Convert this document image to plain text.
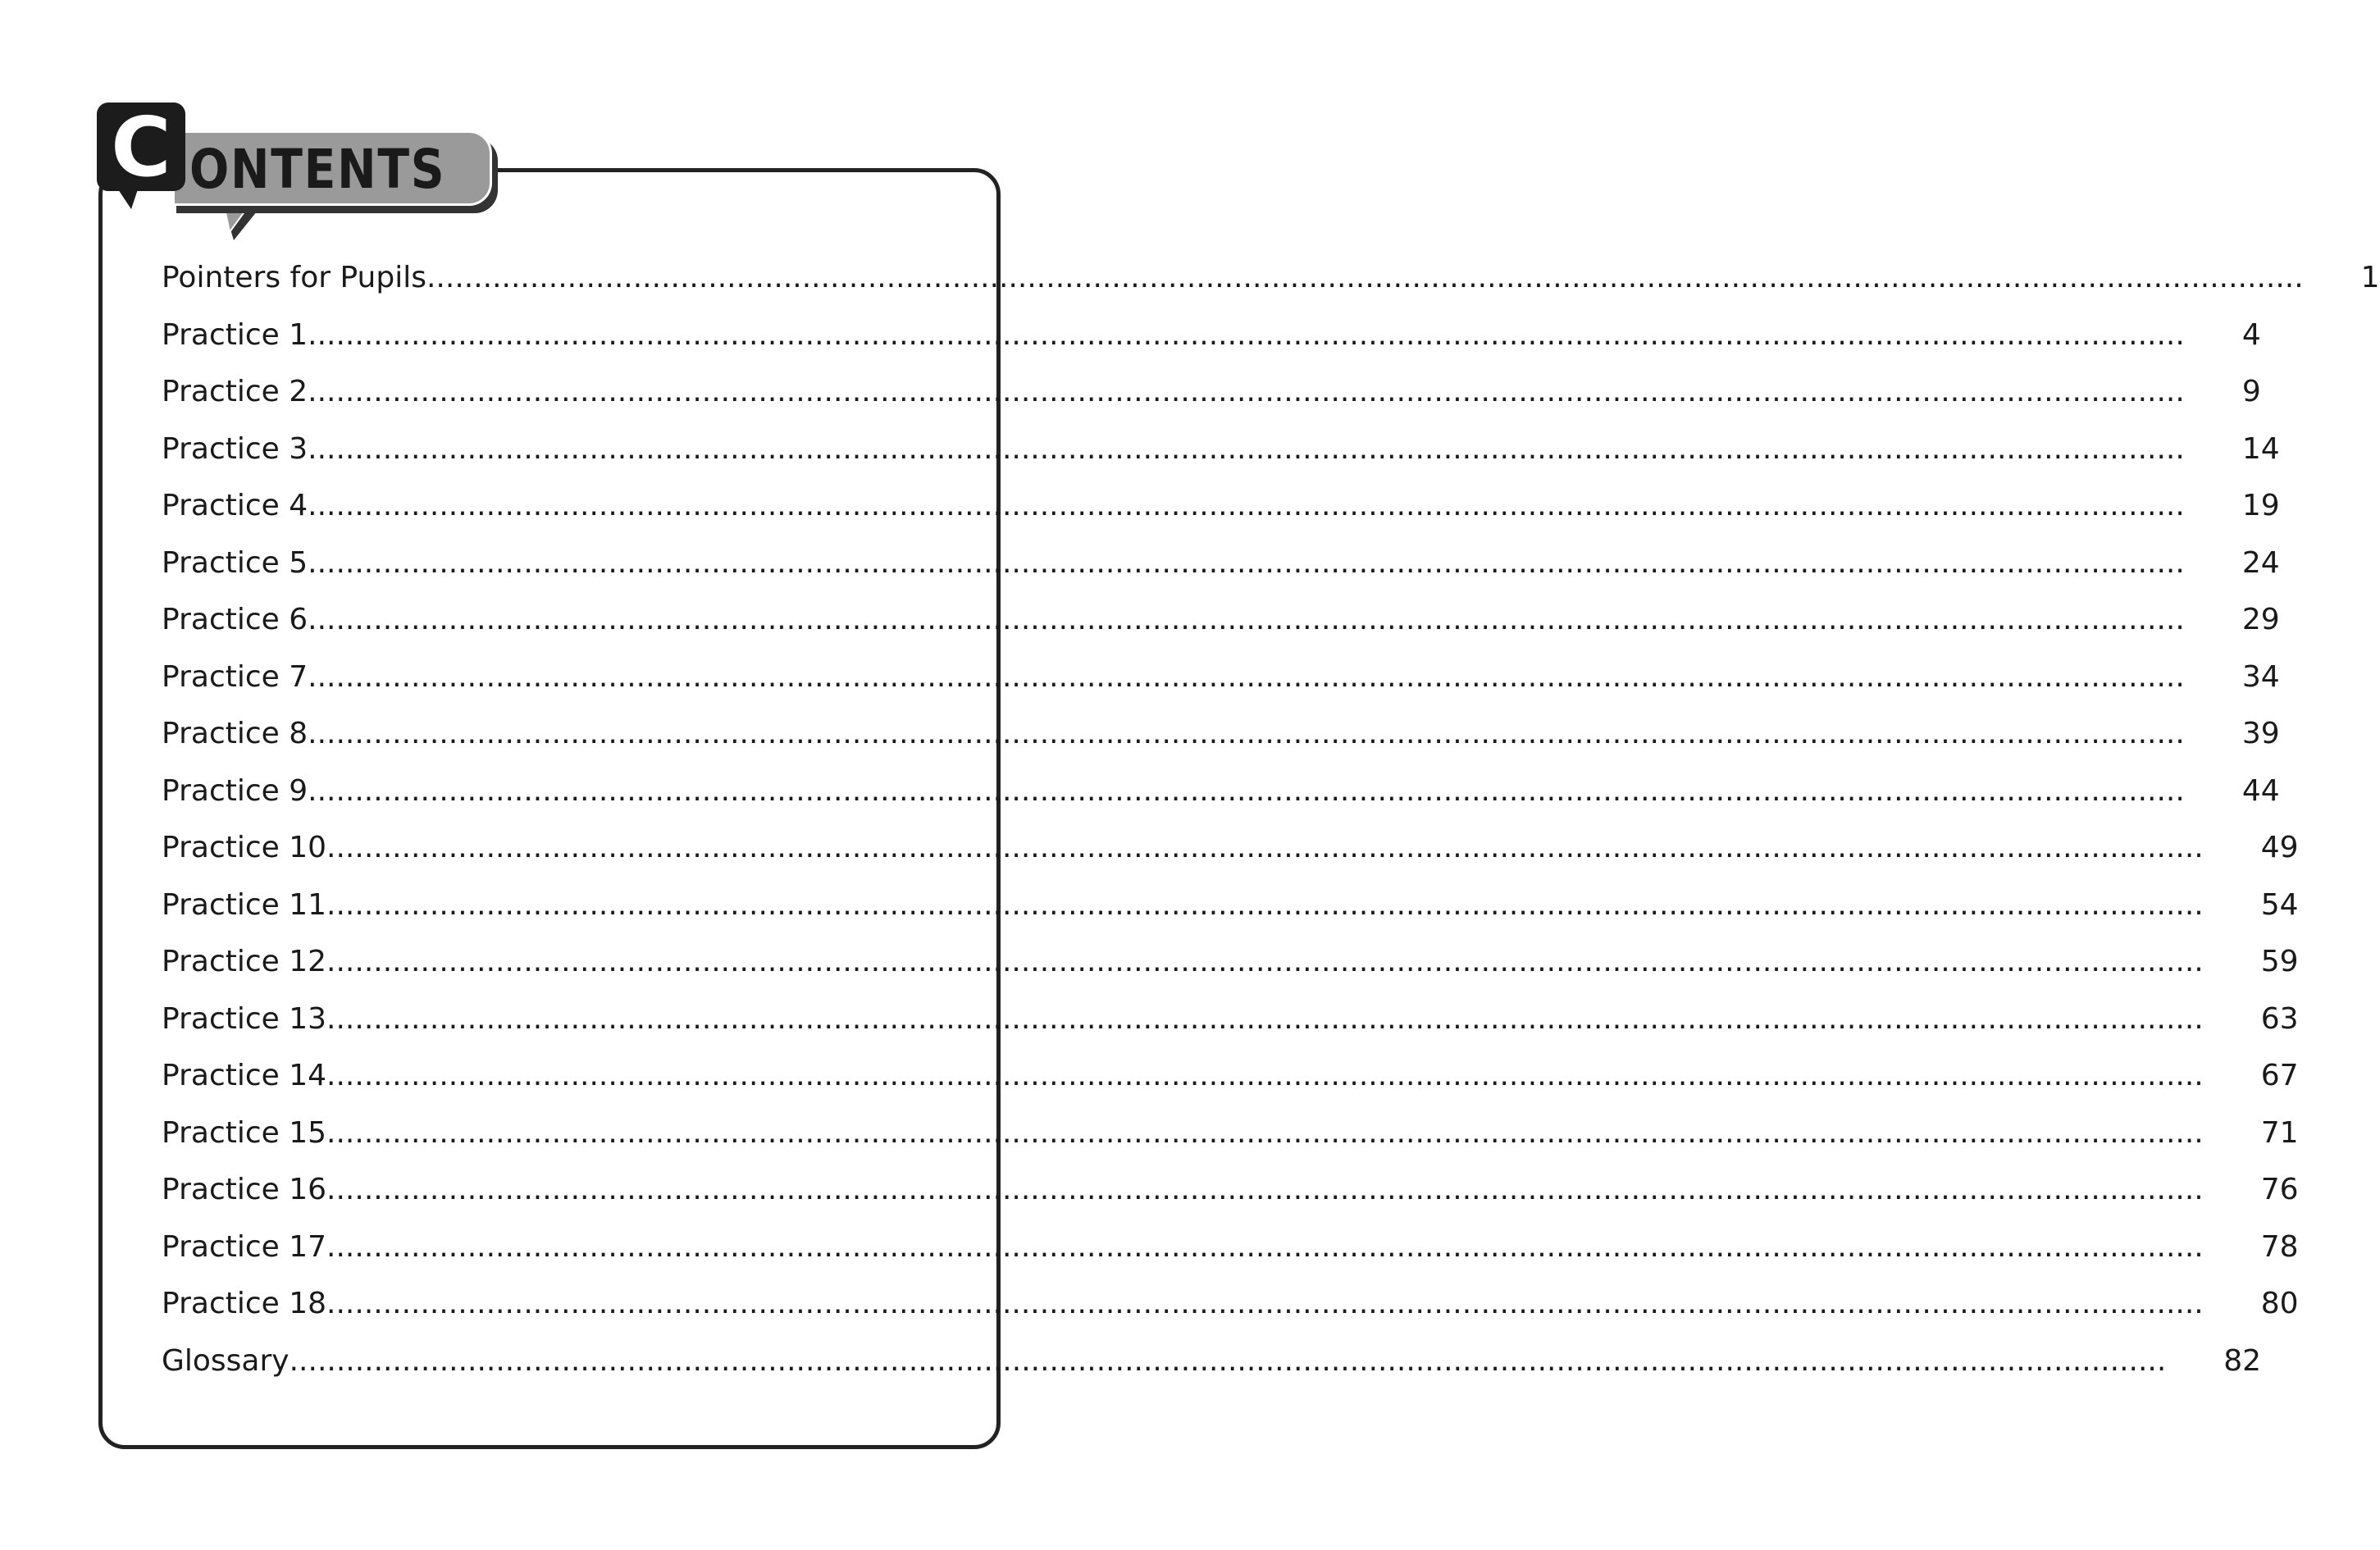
C ONTENTS
Pointers for Pupils ........................................................................................................................................................................................................ 1
Practice 1 ........................................................................................................................................................................................................ 4
Practice 2 ........................................................................................................................................................................................................ 9
Practice 3 ........................................................................................................................................................................................................ 14
Practice 4 ........................................................................................................................................................................................................ 19
Practice 5 ........................................................................................................................................................................................................ 24
Practice 6 ........................................................................................................................................................................................................ 29
Practice 7 ........................................................................................................................................................................................................ 34
Practice 8 ........................................................................................................................................................................................................ 39
Practice 9 ........................................................................................................................................................................................................ 44
Practice 10 ........................................................................................................................................................................................................ 49
Practice 11 ........................................................................................................................................................................................................ 54
Practice 12 ........................................................................................................................................................................................................ 59
Practice 13 ........................................................................................................................................................................................................ 63
Practice 14 ........................................................................................................................................................................................................ 67
Practice 15 ........................................................................................................................................................................................................ 71
Practice 16 ........................................................................................................................................................................................................ 76
Practice 17 ........................................................................................................................................................................................................ 78
Practice 18 ........................................................................................................................................................................................................ 80
Glossary ........................................................................................................................................................................................................ 82
